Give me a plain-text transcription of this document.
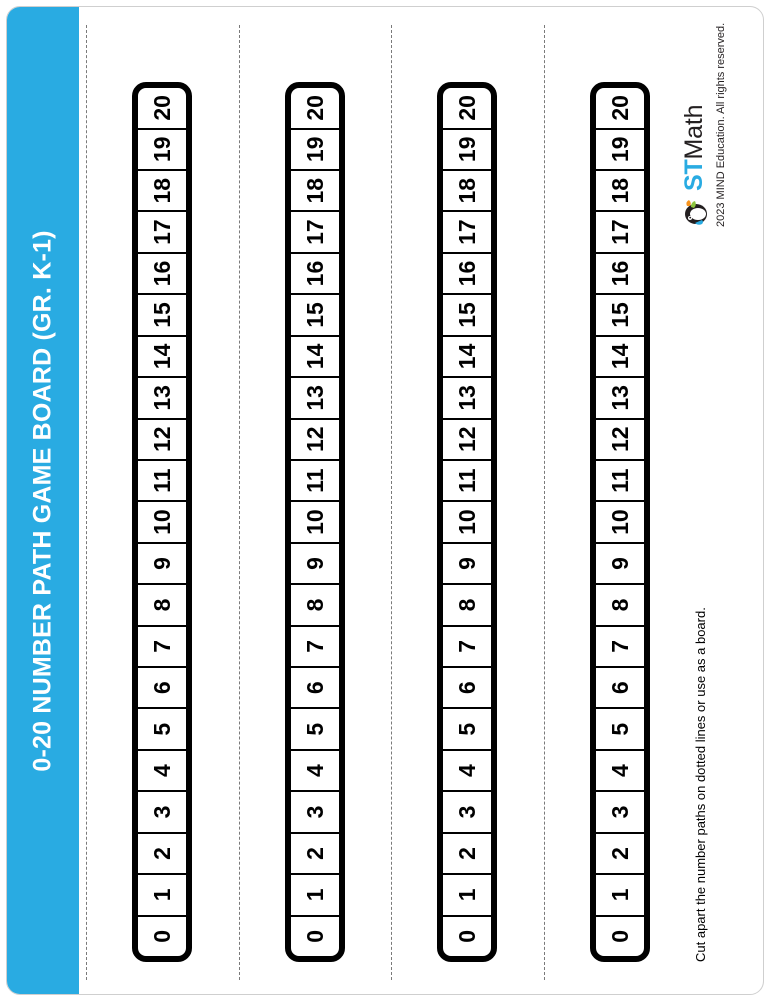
0-20 NUMBER PATH GAME BOARD (GR. K-1)
0
1
2
3
4
5
6
7
8
9
10
11
12
13
14
15
16
17
18
19
20
0
1
2
3
4
5
6
7
8
9
10
11
12
13
14
15
16
17
18
19
20
0
1
2
3
4
5
6
7
8
9
10
11
12
13
14
15
16
17
18
19
20
0
1
2
3
4
5
6
7
8
9
10
11
12
13
14
15
16
17
18
19
20
Cut apart the number paths on dotted lines or use as a board.
STMath 2023 MIND Education. All rights reserved.
